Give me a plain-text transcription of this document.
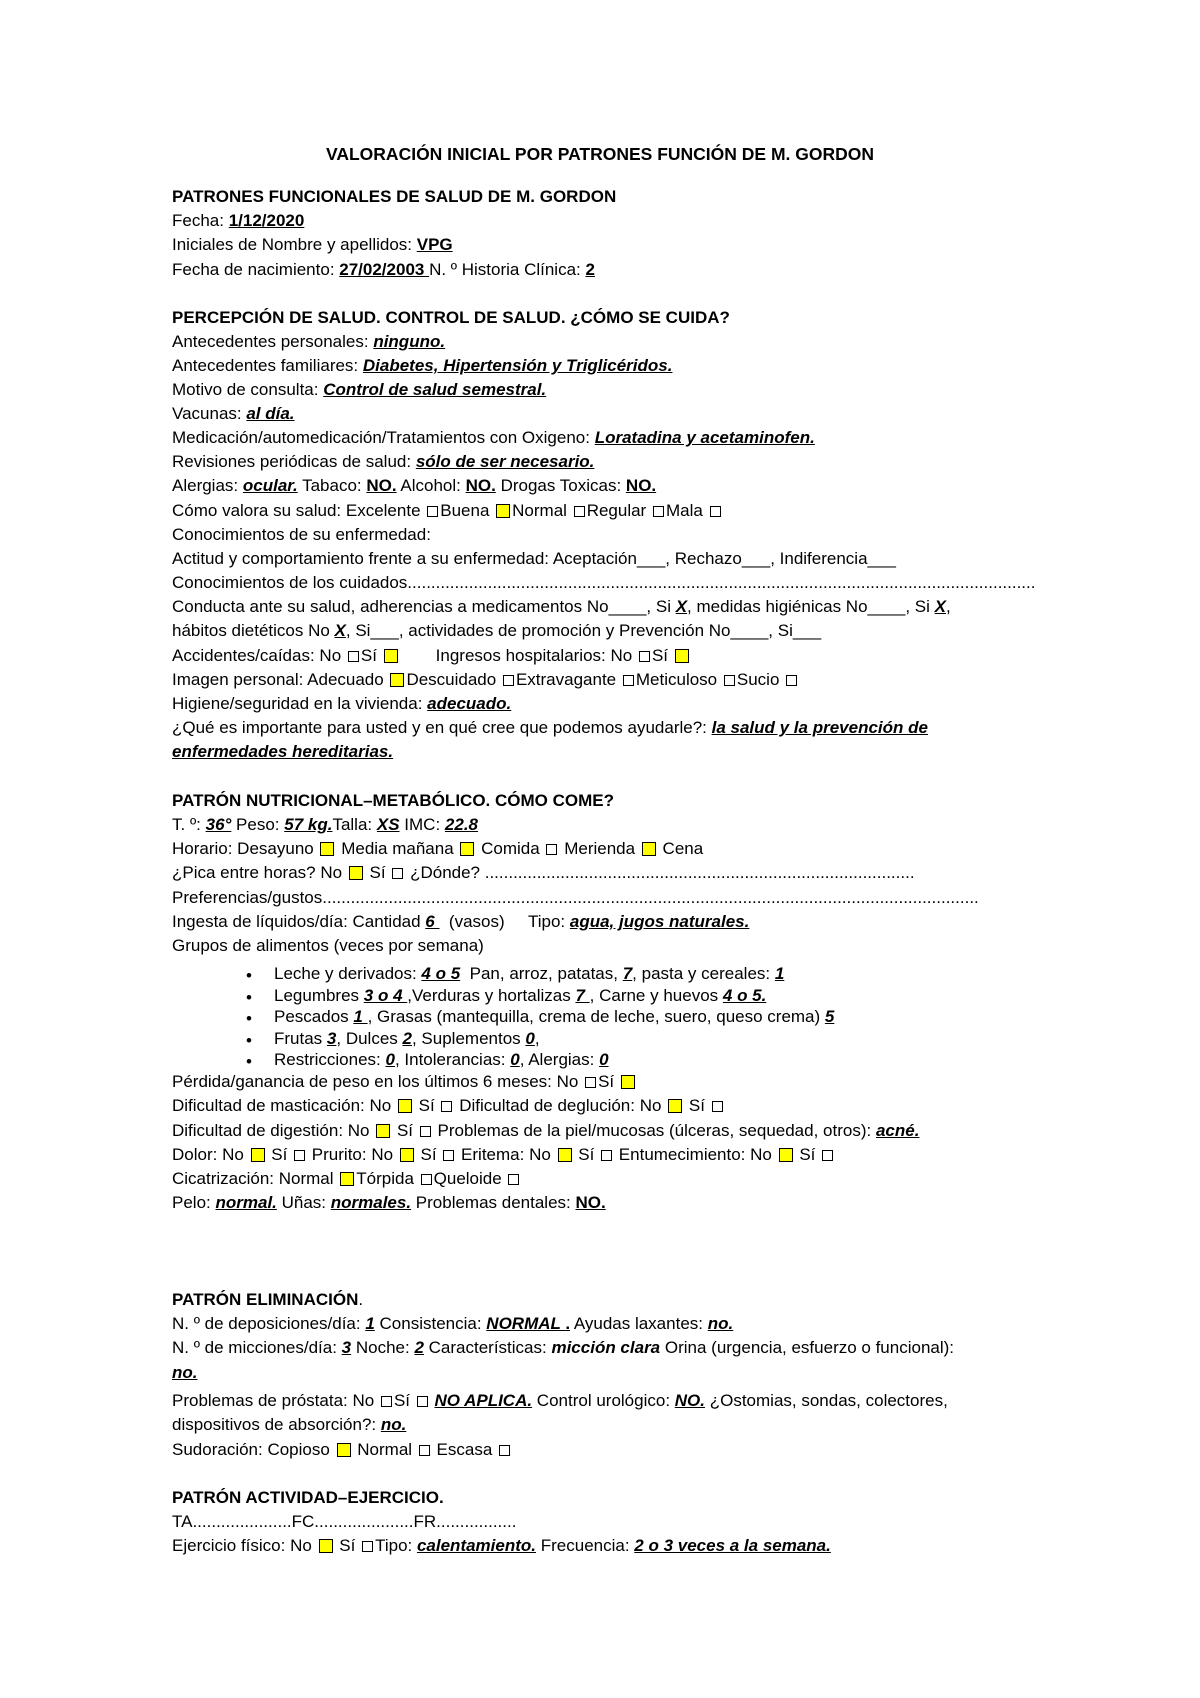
VALORACIÓN INICIAL POR PATRONES FUNCIÓN DE M. GORDON
PATRONES FUNCIONALES DE SALUD DE M. GORDON
Fecha: 1/12/2020
Iniciales de Nombre y apellidos: VPG
Fecha de nacimiento: 27/02/2003 N. º Historia Clínica: 2
PERCEPCIÓN DE SALUD. CONTROL DE SALUD. ¿CÓMO SE CUIDA?
Antecedentes personales: ninguno.
Antecedentes familiares: Diabetes, Hipertensión y Triglicéridos.
Motivo de consulta: Control de salud semestral.
Vacunas: al día.
Medicación/automedicación/Tratamientos con Oxigeno: Loratadina y acetaminofen.
Revisiones periódicas de salud: sólo de ser necesario.
Alergias: ocular. Tabaco: NO. Alcohol: NO. Drogas Toxicas: NO.
Cómo valora su salud: Excelente Buena Normal Regular Mala
Conocimientos de su enfermedad:
Actitud y comportamiento frente a su enfermedad: Aceptación___, Rechazo___, Indiferencia___
Conocimientos de los cuidados.....................................................................................................................................
Conducta ante su salud, adherencias a medicamentos No____, Si X, medidas higiénicas No____, Si X,
hábitos dietéticos No X, Si___, actividades de promoción y Prevención No____, Si___
Accidentes/caídas: No Sí	Ingresos hospitalarios: No Sí
Imagen personal: Adecuado Descuidado Extravagante Meticuloso Sucio
Higiene/seguridad en la vivienda: adecuado.
¿Qué es importante para usted y en qué cree que podemos ayudarle?: la salud y la prevención de
enfermedades hereditarias.
PATRÓN NUTRICIONAL–METABÓLICO. CÓMO COME?
T. º: 36° Peso: 57 kg.Talla: XS IMC: 22.8
Horario: Desayuno  Media mañana Comida Merienda Cena
¿Pica entre horas? No  Sí  ¿Dónde? ...........................................................................................
Preferencias/gustos...........................................................................................................................................
Ingesta de líquidos/día: Cantidad 6   (vasos)     Tipo: agua, jugos naturales.
Grupos de alimentos (veces por semana)
•	Leche y derivados: 4 o 5  Pan, arroz, patatas, 7, pasta y cereales: 1
•	Legumbres 3 o 4 ,Verduras y hortalizas 7 , Carne y huevos 4 o 5.
•	Pescados 1 , Grasas (mantequilla, crema de leche, suero, queso crema) 5
•	Frutas 3, Dulces 2, Suplementos 0,
•	Restricciones: 0, Intolerancias: 0, Alergias: 0
Pérdida/ganancia de peso en los últimos 6 meses: No Sí
Dificultad de masticación: No  Sí  Dificultad de deglución: No  Sí
Dificultad de digestión: No  Sí  Problemas de la piel/mucosas (úlceras, sequedad, otros): acné.
Dolor: No  Sí  Prurito: No  Sí  Eritema: No  Sí  Entumecimiento: No  Sí
Cicatrización: Normal Tórpida Queloide
Pelo: normal. Uñas: normales. Problemas dentales: NO.
PATRÓN ELIMINACIÓN.
N. º de deposiciones/día: 1 Consistencia: NORMAL . Ayudas laxantes: no.
N. º de micciones/día: 3 Noche: 2 Características: micción clara Orina (urgencia, esfuerzo o funcional):
no.
Problemas de próstata: No Sí  NO APLICA. Control urológico: NO. ¿Ostomias, sondas, colectores,
dispositivos de absorción?: no.
Sudoración: Copioso  Normal Escasa
PATRÓN ACTIVIDAD–EJERCICIO.
TA.....................FC.....................FR.................
Ejercicio físico: No  Sí Tipo: calentamiento. Frecuencia: 2 o 3 veces a la semana.
